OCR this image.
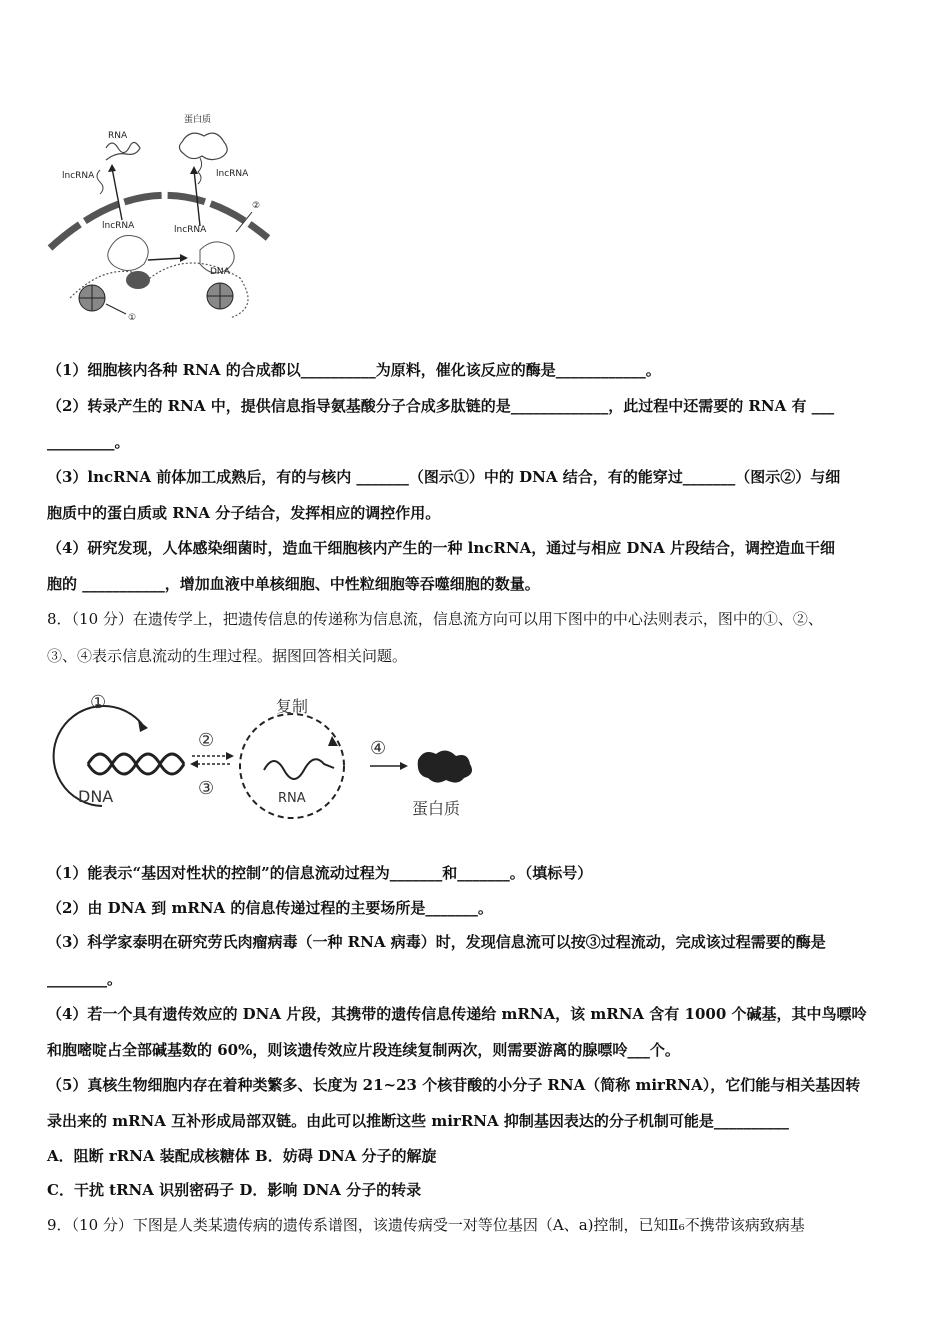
RNA
蛋白质
lncRNA	lncRNA
lncRNA	lncRNA
DNA
①
②
（1）细胞核内各种 RNA 的合成都以__________为原料，催化该反应的酶是____________。
（2）转录产生的 RNA 中，提供信息指导氨基酸分子合成多肽链的是_____________，此过程中还需要的 RNA 有 ___
_________。
（3）lncRNA 前体加工成熟后，有的与核内 _______（图示①）中的 DNA 结合，有的能穿过_______（图示②）与细
胞质中的蛋白质或 RNA 分子结合，发挥相应的调控作用。
（4）研究发现，人体感染细菌时，造血干细胞核内产生的一种 lncRNA，通过与相应 DNA 片段结合，调控造血干细
胞的 ___________，增加血液中单核细胞、中性粒细胞等吞噬细胞的数量。
8．（10 分）在遗传学上，把遗传信息的传递称为信息流，信息流方向可以用下图中的中心法则表示，图中的①、②、
③、④表示信息流动的生理过程。据图回答相关问题。
①	复制
②
③
④
DNA	RNA
蛋白质
（1）能表示“基因对性状的控制”的信息流动过程为_______和_______。（填标号）
（2）由 DNA 到 mRNA 的信息传递过程的主要场所是_______。
（3）科学家泰明在研究劳氏肉瘤病毒（一种 RNA 病毒）时，发现信息流可以按③过程流动，完成该过程需要的酶是
________。
（4）若一个具有遗传效应的 DNA 片段，其携带的遗传信息传递给 mRNA，该 mRNA 含有 1000 个碱基，其中鸟嘌呤
和胞嘧啶占全部碱基数的 60%，则该遗传效应片段连续复制两次，则需要游离的腺嘌呤___个。
（5）真核生物细胞内存在着种类繁多、长度为 21~23 个核苷酸的小分子 RNA（简称 mirRNA），它们能与相关基因转
录出来的 mRNA 互补形成局部双链。由此可以推断这些 mirRNA 抑制基因表达的分子机制可能是__________
A．阻断 rRNA 装配成核糖体 B．妨碍 DNA 分子的解旋
C．干扰 tRNA 识别密码子 D．影响 DNA 分子的转录
9．（10 分）下图是人类某遗传病的遗传系谱图，该遗传病受一对等位基因（A、a)控制，已知Ⅱ₆不携带该病致病基
